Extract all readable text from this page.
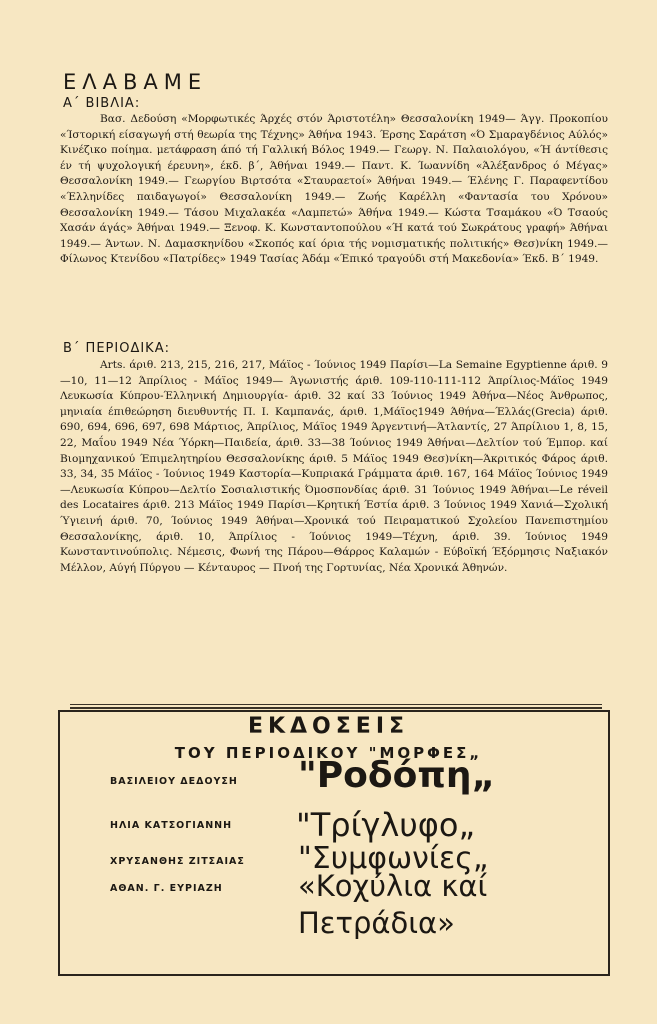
ΕΛΑΒΑΜΕ
Α΄ ΒΙΒΛΙΑ:

Βασ. Δεδούση «Μορφωτικές Άρχές στόν Άριστοτέλη» Θεσσαλονίκη 1949— Άγγ. Προκοπίου «Ίστορική είσαγωγή στή θεωρία της Τέχνης» Άθήνα 1943. Έρσης Σαράτση «Ό Σμαραγδένιος Αύλός» Κινέζικο ποίημα. μετάφραση άπό τή Γαλλική Βόλος 1949.— Γεωργ. Ν. Παλαιολόγου, «Ή άντίθεσις έν τή ψυχολογική έρευνη», έκδ. β΄, Άθήναι 1949.— Παντ. Κ. Ίωαννίδη «Άλέξανδρος ό Μέγας» Θεσσαλονίκη 1949.— Γεωργίου Βιρτσότα «Σταυραετοί» Άθήναι 1949.— Έλένης Γ. Παραφεντίδου «Έλληνίδες παιδαγωγοί» Θεσσαλονίκη 1949.— Ζωής Καρέλλη «Φαντασία του Χρόνου» Θεσσαλονίκη 1949.— Τάσου Μιχαλακέα «Λαμπετώ» Άθήνα 1949.— Κώστα Τσαμάκου «Ό Τσαούς Χασάν άγάς» Άθήναι 1949.— Ξενοφ. Κ. Κωνσταντοπούλου «Ή κατά τού Σωκράτους γραφή» Άθήναι 1949.— Άντων. Ν. Δαμασκηνίδου «Σκοπός καί όρια τής νομισματικής πολιτικής» Θεσ)νίκη 1949.— Φίλωνος Κτενίδου «Πατρίδες» 1949 Τασίας Άδάμ «Έπικό τραγούδι στή Μακεδονία» Έκδ. Β΄ 1949.

Β΄ ΠΕΡΙΟΔΙΚΑ:

Arts. άριθ. 213, 215, 216, 217, Μάϊος - Ίούνιος 1949 Παρίσι—La Semaine Egyptienne άριθ. 9—10, 11—12 Άπρίλιος - Μάϊος 1949— Άγωνιστής άριθ. 109-110-111-112 Άπρίλιος-Μάϊος 1949 Λευκωσία Κύπρου-Έλληνική Δημιουργία- άριθ. 32 καί 33 Ίούνιος 1949 Άθήνα—Νέος Άνθρωπος, μηνιαία έπιθεώρηση διευθυντής Π. Ι. Καμπανάς, άριθ. 1,Μάϊος1949 Άθήνα—Έλλάς(Grecia) άριθ. 690, 694, 696, 697, 698 Μάρτιος, Άπρίλιος, Μάϊος 1949 Άργεντινή—Άτλαντίς, 27 Άπρίλιου 1, 8, 15, 22, Μαΐου 1949 Νέα Ύόρκη—Παιδεία, άριθ. 33—38 Ίούνιος 1949 Άθήναι—Δελτίον τού Έμπορ. καί Βιομηχανικού Έπιμελητηρίου Θεσσαλονίκης άριθ. 5 Μάϊος 1949 Θεσ)νίκη—Άκριτικός Φάρος άριθ. 33, 34, 35 Μάϊος - Ίούνιος 1949 Καστορία—Κυπριακά Γράμματα άριθ. 167, 164 Μάϊος Ίούνιος 1949—Λευκωσία Κύπρου—Δελτίο Σοσιαλιστικής Όμοσπονδίας άριθ. 31 Ίούνιος 1949 Άθήναι—Le réveil des Locataires άριθ. 213 Μάϊος 1949 Παρίσι—Κρητική Έστία άριθ. 3 Ίούνιος 1949 Χανιά—Σχολική Ύγιεινή άριθ. 70, Ίούνιος 1949 Άθήναι—Χρονικά τού Πειραματικού Σχολείου Πανεπιστημίου Θεσσαλονίκης, άριθ. 10, Άπρίλιος - Ίούνιος 1949—Τέχνη, άριθ. 39. Ίούνιος 1949 Κωνσταντινούπολις. Νέμεσις, Φωνή της Πάρου—Θάρρος Καλαμών - Εύβοϊκή Έξόρμησις Ναξιακόν Μέλλον, Αύγή Πύργου — Κένταυρος — Πνοή της Γορτυνίας, Νέα Χρονικά Άθηνών.

ΕΚΔΟΣΕΙΣ
ΤΟΥ ΠΕΡΙΟΔΙΚΟΥ "ΜΟΡΦΕΣ„
ΒΑΣΙΛΕΙΟΥ ΔΕΔΟΥΣΗ "Ροδόπη„
ΗΛΙΑ ΚΑΤΣΟΓΙΑΝΝΗ "Τρίγλυφο„
ΧΡΥΣΑΝΘΗΣ ΖΙΤΣΑΙΑΣ "Συμφωνίες„
ΑΘΑΝ. Γ. ΕΥΡΙΑΖΗ	«Κοχύλια καί Πετράδια»
